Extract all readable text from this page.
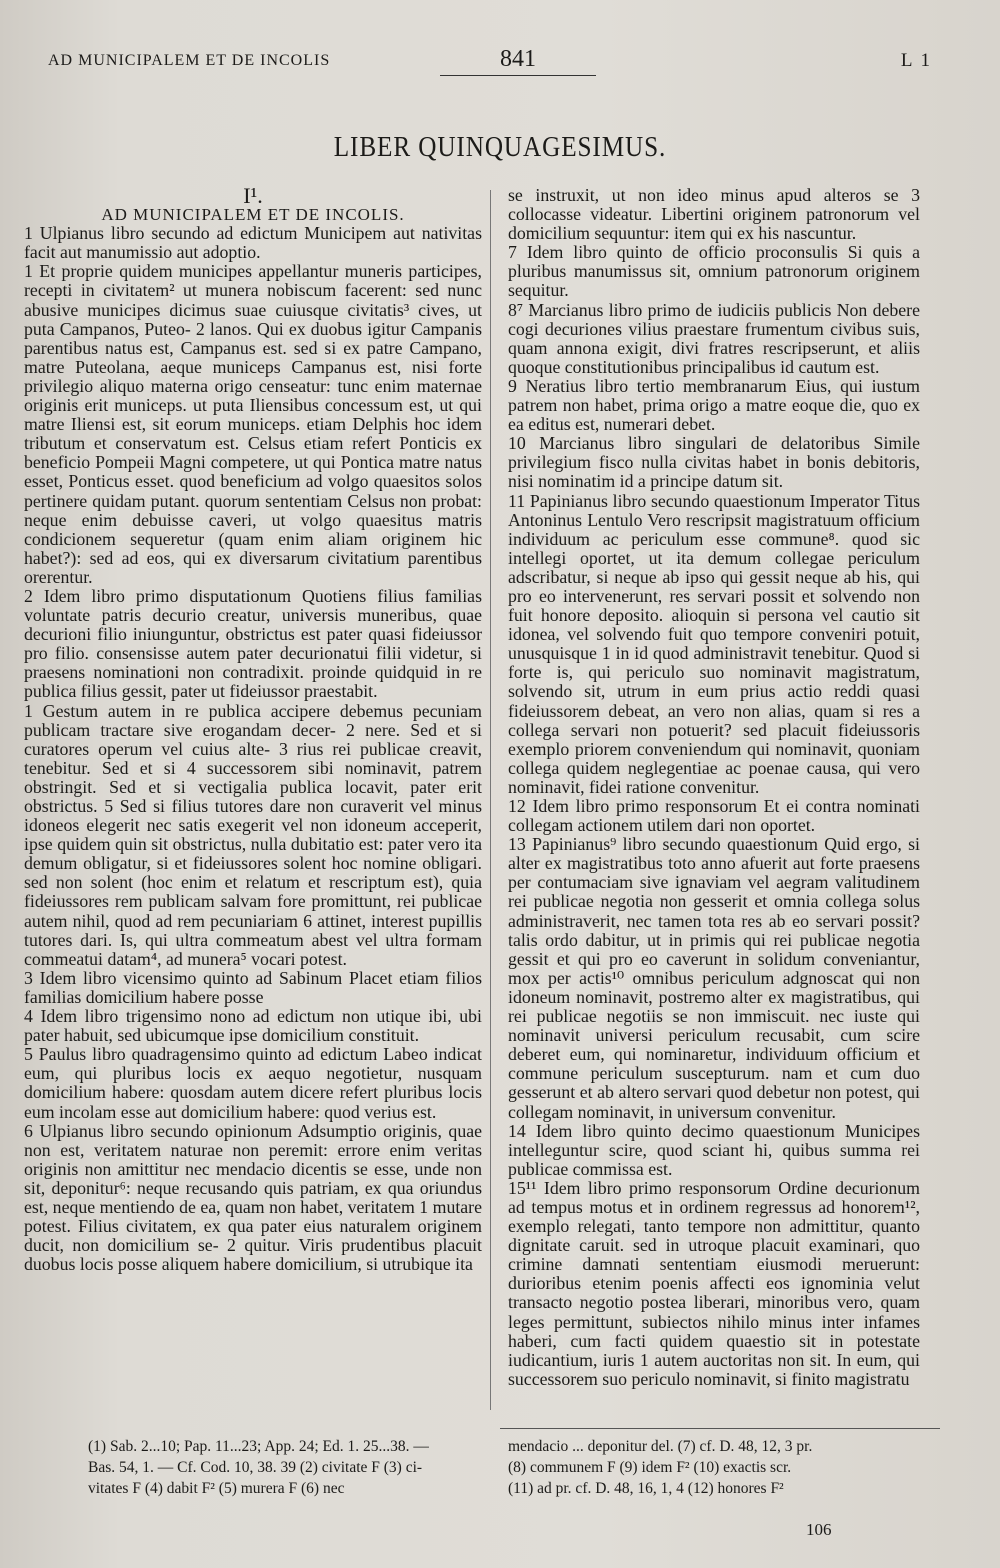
AD MUNICIPALEM ET DE INCOLIS	841	L 1
LIBER QUINQUAGESIMUS.

I¹.

AD MUNICIPALEM ET DE INCOLIS.

1 Ulpianus libro secundo ad edictum Municipem aut nativitas facit aut manumissio aut adoptio.

1 Et proprie quidem municipes appellantur muneris participes, recepti in civitatem² ut munera nobiscum facerent: sed nunc abusive municipes dicimus suae cuiusque civitatis³ cives, ut puta Campanos, Puteo- 2 lanos. Qui ex duobus igitur Campanis parentibus natus est, Campanus est. sed si ex patre Campano, matre Puteolana, aeque municeps Campanus est, nisi forte privilegio aliquo materna origo censeatur: tunc enim maternae originis erit municeps. ut puta Iliensibus concessum est, ut qui matre Iliensi est, sit eorum municeps. etiam Delphis hoc idem tributum et conservatum est. Celsus etiam refert Ponticis ex beneficio Pompeii Magni competere, ut qui Pontica matre natus esset, Ponticus esset. quod beneficium ad volgo quaesitos solos pertinere quidam putant. quorum sententiam Celsus non probat: neque enim debuisse caveri, ut volgo quaesitus matris condicionem sequeretur (quam enim aliam originem hic habet?): sed ad eos, qui ex diversarum civitatium parentibus orerentur.

2 Idem libro primo disputationum Quotiens filius familias voluntate patris decurio creatur, universis muneribus, quae decurioni filio iniunguntur, obstrictus est pater quasi fideiussor pro filio. consensisse autem pater decurionatui filii videtur, si praesens nominationi non contradixit. proinde quidquid in re publica filius gessit, pater ut fideiussor praestabit.

1 Gestum autem in re publica accipere debemus pecuniam publicam tractare sive erogandam decer- 2 nere. Sed et si curatores operum vel cuius alte- 3 rius rei publicae creavit, tenebitur. Sed et si 4 successorem sibi nominavit, patrem obstringit. Sed et si vectigalia publica locavit, pater erit obstrictus. 5 Sed si filius tutores dare non curaverit vel minus idoneos elegerit nec satis exegerit vel non idoneum acceperit, ipse quidem quin sit obstrictus, nulla dubitatio est: pater vero ita demum obligatur, si et fideiussores solent hoc nomine obligari. sed non solent (hoc enim et relatum et rescriptum est), quia fideiussores rem publicam salvam fore promittunt, rei publicae autem nihil, quod ad rem pecuniariam 6 attinet, interest pupillis tutores dari. Is, qui ultra commeatum abest vel ultra formam commeatui datam⁴, ad munera⁵ vocari potest.

3 Idem libro vicensimo quinto ad Sabinum Placet etiam filios familias domicilium habere posse

4 Idem libro trigensimo nono ad edictum non utique ibi, ubi pater habuit, sed ubicumque ipse domicilium constituit.

5 Paulus libro quadragensimo quinto ad edictum Labeo indicat eum, qui pluribus locis ex aequo negotietur, nusquam domicilium habere: quosdam autem dicere refert pluribus locis eum incolam esse aut domicilium habere: quod verius est.

6 Ulpianus libro secundo opinionum Adsumptio originis, quae non est, veritatem naturae non peremit: errore enim veritas originis non amittitur nec mendacio dicentis se esse, unde non sit, deponitur⁶: neque recusando quis patriam, ex qua oriundus est, neque mentiendo de ea, quam non habet, veritatem 1 mutare potest. Filius civitatem, ex qua pater eius naturalem originem ducit, non domicilium se- 2 quitur. Viris prudentibus placuit duobus locis posse aliquem habere domicilium, si utrubique ita

se instruxit, ut non ideo minus apud alteros se 3 collocasse videatur. Libertini originem patronorum vel domicilium sequuntur: item qui ex his nascuntur.

7 Idem libro quinto de officio proconsulis Si quis a pluribus manumissus sit, omnium patronorum originem sequitur.

8⁷ Marcianus libro primo de iudiciis publicis Non debere cogi decuriones vilius praestare frumentum civibus suis, quam annona exigit, divi fratres rescripserunt, et aliis quoque constitutionibus principalibus id cautum est.

9 Neratius libro tertio membranarum Eius, qui iustum patrem non habet, prima origo a matre eoque die, quo ex ea editus est, numerari debet.

10 Marcianus libro singulari de delatoribus Simile privilegium fisco nulla civitas habet in bonis debitoris, nisi nominatim id a principe datum sit.

11 Papinianus libro secundo quaestionum Imperator Titus Antoninus Lentulo Vero rescripsit magistratuum officium individuum ac periculum esse commune⁸. quod sic intellegi oportet, ut ita demum collegae periculum adscribatur, si neque ab ipso qui gessit neque ab his, qui pro eo intervenerunt, res servari possit et solvendo non fuit honore deposito. alioquin si persona vel cautio sit idonea, vel solvendo fuit quo tempore conveniri potuit, unusquisque 1 in id quod administravit tenebitur. Quod si forte is, qui periculo suo nominavit magistratum, solvendo sit, utrum in eum prius actio reddi quasi fideiussorem debeat, an vero non alias, quam si res a collega servari non potuerit? sed placuit fideiussoris exemplo priorem conveniendum qui nominavit, quoniam collega quidem neglegentiae ac poenae causa, qui vero nominavit, fidei ratione convenitur.

12 Idem libro primo responsorum Et ei contra nominati collegam actionem utilem dari non oportet.

13 Papinianus⁹ libro secundo quaestionum Quid ergo, si alter ex magistratibus toto anno afuerit aut forte praesens per contumaciam sive ignaviam vel aegram valitudinem rei publicae negotia non gesserit et omnia collega solus administraverit, nec tamen tota res ab eo servari possit? talis ordo dabitur, ut in primis qui rei publicae negotia gessit et qui pro eo caverunt in solidum conveniantur, mox per actis¹⁰ omnibus periculum adgnoscat qui non idoneum nominavit, postremo alter ex magistratibus, qui rei publicae negotiis se non immiscuit. nec iuste qui nominavit universi periculum recusabit, cum scire deberet eum, qui nominaretur, individuum officium et commune periculum suscepturum. nam et cum duo gesserunt et ab altero servari quod debetur non potest, qui collegam nominavit, in universum convenitur.

14 Idem libro quinto decimo quaestionum Municipes intelleguntur scire, quod sciant hi, quibus summa rei publicae commissa est.

15¹¹ Idem libro primo responsorum Ordine decurionum ad tempus motus et in ordinem regressus ad honorem¹², exemplo relegati, tanto tempore non admittitur, quanto dignitate caruit. sed in utroque placuit examinari, quo crimine damnati sententiam eiusmodi meruerunt: durioribus etenim poenis affecti eos ignominia velut transacto negotio postea liberari, minoribus vero, quam leges permittunt, subiectos nihilo minus inter infames haberi, cum facti quidem quaestio sit in potestate iudicantium, iuris 1 autem auctoritas non sit. In eum, qui successorem suo periculo nominavit, si finito magistratu

(1) Sab. 2...10; Pap. 11...23; App. 24; Ed. 1. 25...38. —
Bas. 54, 1. — Cf. Cod. 10, 38. 39 (2) civitate F (3) ci-
vitates F (4) dabit F² (5) murera F (6) nec
mendacio ... deponitur del. (7) cf. D. 48, 12, 3 pr.
(8) communem F (9) idem F² (10) exactis scr.
(11) ad pr. cf. D. 48, 16, 1, 4 (12) honores F²
106
